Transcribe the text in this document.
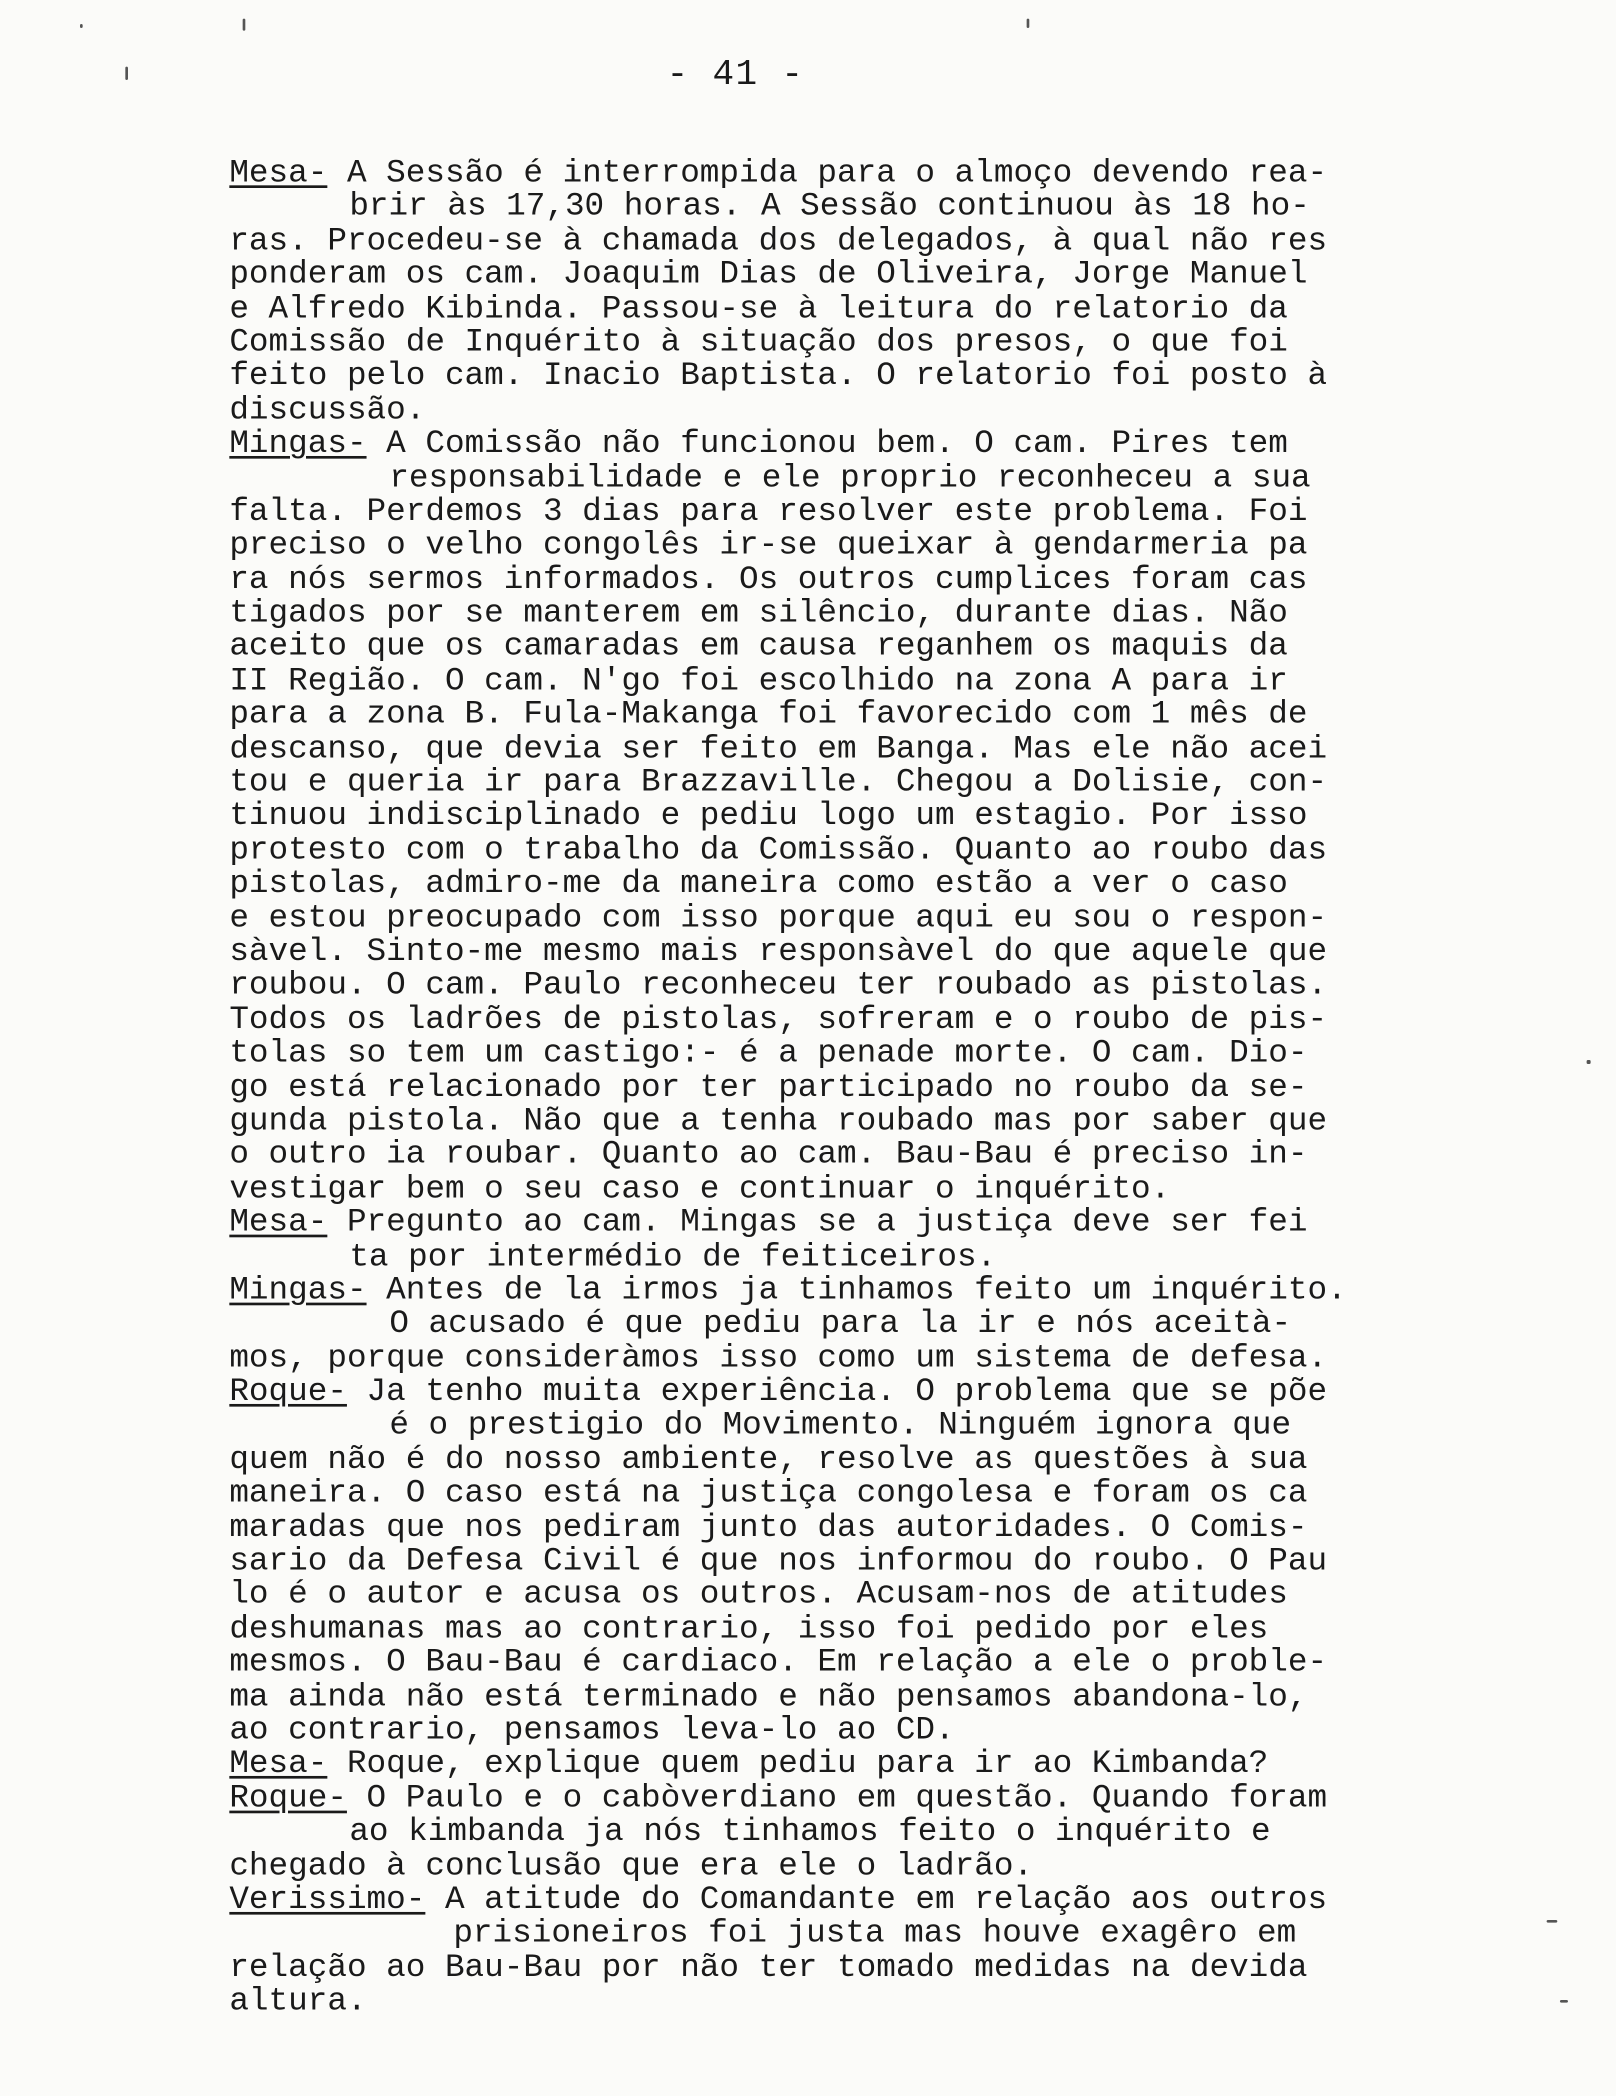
- 41 -
Mesa- A Sessão é interrompida para o almoço devendo rea-
brir às 17,30 horas. A Sessão continuou às 18 ho-
ras. Procedeu-se à chamada dos delegados, à qual não res
ponderam os cam. Joaquim Dias de Oliveira, Jorge Manuel
e Alfredo Kibinda. Passou-se à leitura do relatorio da
Comissão de Inquérito à situação dos presos, o que foi
feito pelo cam. Inacio Baptista. O relatorio foi posto à
discussão.
Mingas- A Comissão não funcionou bem. O cam. Pires tem
responsabilidade e ele proprio reconheceu a sua
falta. Perdemos 3 dias para resolver este problema. Foi
preciso o velho congolês ir-se queixar à gendarmeria pa
ra nós sermos informados. Os outros cumplices foram cas
tigados por se manterem em silêncio, durante dias. Não
aceito que os camaradas em causa reganhem os maquis da
II Região. O cam. N'go foi escolhido na zona A para ir
para a zona B. Fula-Makanga foi favorecido com 1 mês de
descanso, que devia ser feito em Banga. Mas ele não acei
tou e queria ir para Brazzaville. Chegou a Dolisie, con-
tinuou indisciplinado e pediu logo um estagio. Por isso
protesto com o trabalho da Comissão. Quanto ao roubo das
pistolas, admiro-me da maneira como estão a ver o caso
e estou preocupado com isso porque aqui eu sou o respon-
sàvel. Sinto-me mesmo mais responsàvel do que aquele que
roubou. O cam. Paulo reconheceu ter roubado as pistolas.
Todos os ladrões de pistolas, sofreram e o roubo de pis-
tolas so tem um castigo:- é a penade morte. O cam. Dio-
go está relacionado por ter participado no roubo da se-
gunda pistola. Não que a tenha roubado mas por saber que
o outro ia roubar. Quanto ao cam. Bau-Bau é preciso in-
vestigar bem o seu caso e continuar o inquérito.
Mesa- Pregunto ao cam. Mingas se a justiça deve ser fei
ta por intermédio de feiticeiros.
Mingas- Antes de la irmos ja tinhamos feito um inquérito.
O acusado é que pediu para la ir e nós aceità-
mos, porque consideràmos isso como um sistema de defesa.
Roque- Ja tenho muita experiência. O problema que se põe
é o prestigio do Movimento. Ninguém ignora que
quem não é do nosso ambiente, resolve as questões à sua
maneira. O caso está na justiça congolesa e foram os ca
maradas que nos pediram junto das autoridades. O Comis-
sario da Defesa Civil é que nos informou do roubo. O Pau
lo é o autor e acusa os outros. Acusam-nos de atitudes
deshumanas mas ao contrario, isso foi pedido por eles
mesmos. O Bau-Bau é cardiaco. Em relação a ele o proble-
ma ainda não está terminado e não pensamos abandona-lo,
ao contrario, pensamos leva-lo ao CD.
Mesa- Roque, explique quem pediu para ir ao Kimbanda?
Roque- O Paulo e o cabòverdiano em questão. Quando foram
ao kimbanda ja nós tinhamos feito o inquérito e
chegado à conclusão que era ele o ladrão.
Verissimo- A atitude do Comandante em relação aos outros
prisioneiros foi justa mas houve exagêro em
relação ao Bau-Bau por não ter tomado medidas na devida
altura.
